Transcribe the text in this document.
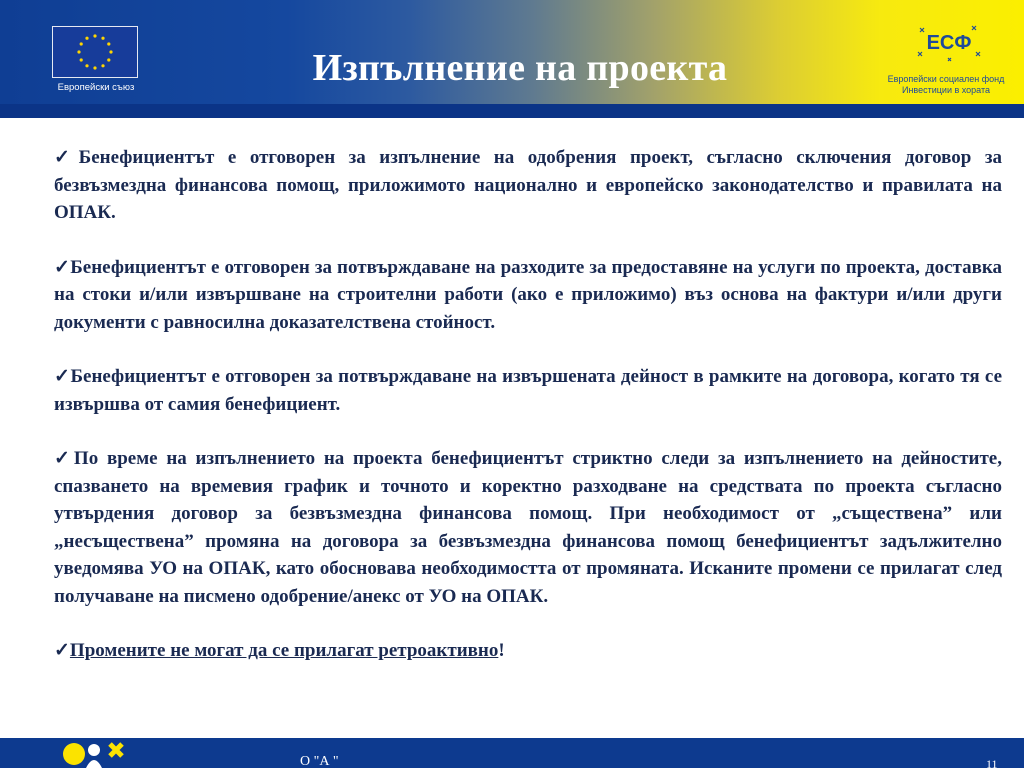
Европейски съюз	Изпълнение на проекта
ЕСФ
Европейски социален фонд
Инвестиции в хората

✓Бенефициентът е отговорен за изпълнение на одобрения проект, съгласно сключения договор за безвъзмездна финансова помощ, приложимото национално и европейско законодателство и правилата на ОПАК.

✓Бенефициентът е отговорен за потвърждаване на разходите за предоставяне на услуги по проекта, доставка на стоки и/или извършване на строителни работи (ако е приложимо) въз основа на фактури и/или други документи с равносилна доказателствена стойност.

✓Бенефициентът е отговорен за потвърждаване на извършената дейност в рамките на договора, когато тя се извършва от самия бенефициент.

✓По време на изпълнението на проекта бенефициентът стриктно следи за изпълнението на дейностите, спазването на времевия график и точното и коректно разходване на средствата по проекта съгласно утвърдения договор за безвъзмездна финансова помощ. При необходимост от „съществена” или „несъществена” промяна на договора за безвъзмездна финансова помощ бенефициентът задължително уведомява УО на ОПАК, като обосновава необходимостта от промяната. Исканите промени се прилагат след получаване на писмено одобрение/анекс от УО на ОПАК.

✓Промените не могат да се прилагат ретроактивно!

О "А "	11
